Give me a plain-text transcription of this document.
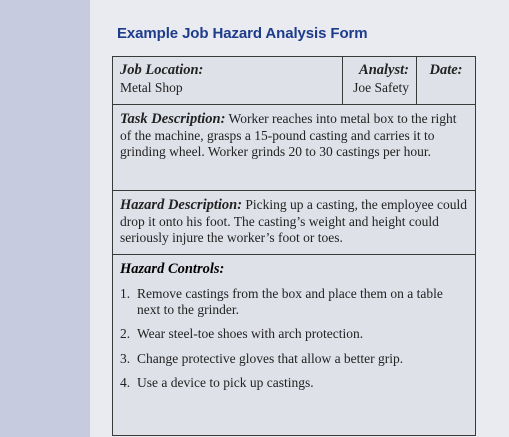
Example Job Hazard Analysis Form
Job Location:
Metal Shop
Analyst:
Joe Safety
Date:
Task Description: Worker reaches into metal box to the right of the machine, grasps a 15-pound casting and carries it to grinding wheel. Worker grinds 20 to 30 castings per hour.
Hazard Description: Picking up a casting, the employee could drop it onto his foot. The casting’s weight and height could seriously injure the worker’s foot or toes.
Hazard Controls:
1. Remove castings from the box and place them on a table next to the grinder.
2. Wear steel-toe shoes with arch protection.
3. Change protective gloves that allow a better grip.
4. Use a device to pick up castings.
